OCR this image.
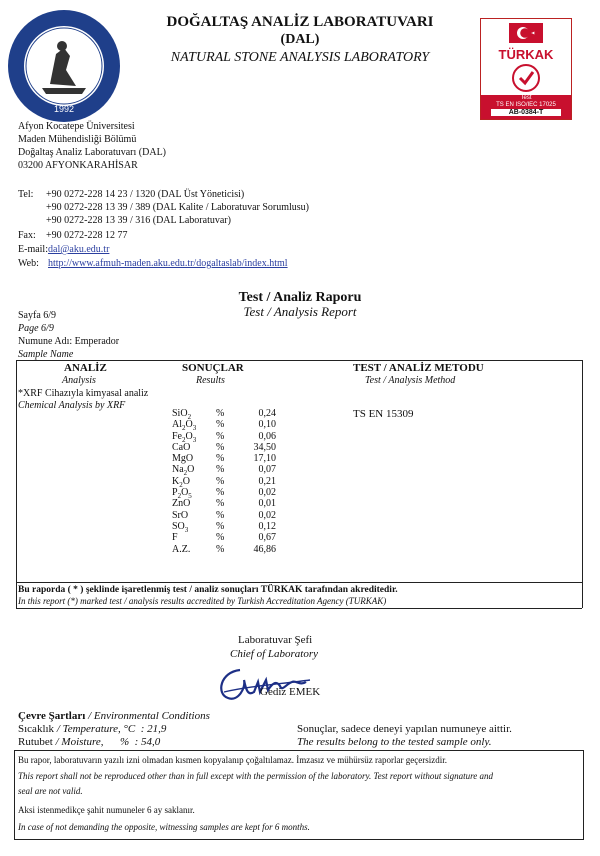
1992
TÜRKAK
Test
TS EN ISO/IEC 17025
AB-0384-T
DOĞALTAŞ ANALİZ LABORATUVARI
(DAL)
NATURAL STONE ANALYSIS LABORATORY
Afyon Kocatepe Üniversitesi
Maden Mühendisliği Bölümü
Doğaltaş Analiz Laboratuvarı (DAL)
03200 AFYONKARAHİSAR
Tel: +90 0272-228 14 23 / 1320 (DAL Üst Yöneticisi)
+90 0272-228 13 39 / 389 (DAL Kalite / Laboratuvar Sorumlusu)
+90 0272-228 13 39 / 316 (DAL Laboratuvar)
Fax: +90 0272-228 12 77
E-mail: dal@aku.edu.tr
Web: http://www.afmuh-maden.aku.edu.tr/dogaltaslab/index.html
Test / Analiz Raporu
Test / Analysis Report
Sayfa 6/9
Page 6/9
Numune Adı: Emperador
Sample Name
ANALİZ
Analysis
SONUÇLAR
Results
TEST / ANALİZ METODU
Test / Analysis Method
*XRF Cihazıyla kimyasal analiz
Chemical Analysis by XRF
TS EN 15309
SiO$_2$	%	0,24
$Al_2O_3$	%	0,10
$Fe_2O_3$	%	0,06
CaO	%	34,50
MgO	%	17,10
$Na_2O$	%	0,07
$K_2O$	%	0,21
$P_2O_5$	%	0,02
ZnO	%	0,01
SrO	%	0,02
$SO_3$	%	0,12
F	%	0,67
A.Z.	%	46,86
Bu raporda ( * ) şeklinde işaretlenmiş test / analiz sonuçları TÜRKAK tarafından akreditedir.
In this report (*) marked test / analysis results accredited by Turkish Accreditation Agency (TURKAK)
Laboratuvar Şefi
Chief of Laboratory
Gediz EMEK
Çevre Şartları / Environmental Conditions
Sıcaklık / Temperature, °C  : 21,9
Rutubet / Moisture,      %  : 54,0
Sonuçlar, sadece deneyi yapılan numuneye aittir.
The results belong to the tested sample only.
Bu rapor, laboratuvarın yazılı izni olmadan kısmen kopyalanıp çoğaltılamaz. İmzasız ve mühürsüz raporlar geçersizdir.
This report shall not be reproduced other than in full except with the permission of the laboratory. Test report without signature and
seal are not valid.
Aksi istenmedikçe şahit numuneler 6 ay saklanır.
In case of not demanding the opposite, witnessing samples are kept for 6 months.
